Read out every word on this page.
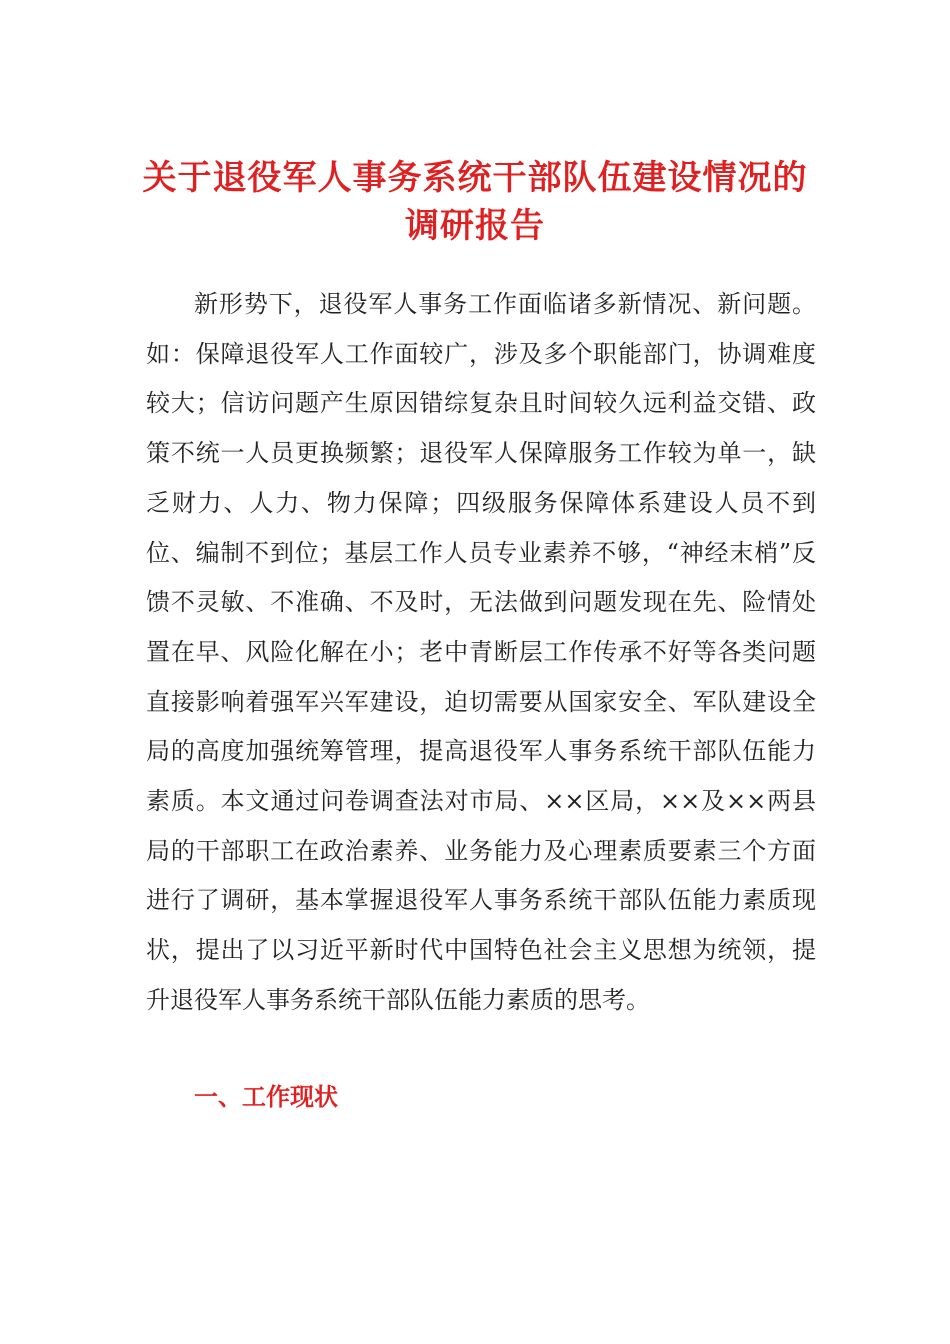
关于退役军人事务系统干部队伍建设情况的
调研报告

新形势下，退役军人事务工作面临诸多新情况、新问题。如：保障退役军人工作面较广，涉及多个职能部门，协调难度较大；信访问题产生原因错综复杂且时间较久远利益交错、政策不统一人员更换频繁；退役军人保障服务工作较为单一，缺乏财力、人力、物力保障；四级服务保障体系建设人员不到位、编制不到位；基层工作人员专业素养不够，“神经末梢”反馈不灵敏、不准确、不及时，无法做到问题发现在先、险情处置在早、风险化解在小；老中青断层工作传承不好等各类问题直接影响着强军兴军建设，迫切需要从国家安全、军队建设全局的高度加强统筹管理，提高退役军人事务系统干部队伍能力素质。本文通过问卷调查法对市局、××区局，××及××两县局的干部职工在政治素养、业务能力及心理素质要素三个方面进行了调研，基本掌握退役军人事务系统干部队伍能力素质现状，提出了以习近平新时代中国特色社会主义思想为统领，提升退役军人事务系统干部队伍能力素质的思考。

一、工作现状
